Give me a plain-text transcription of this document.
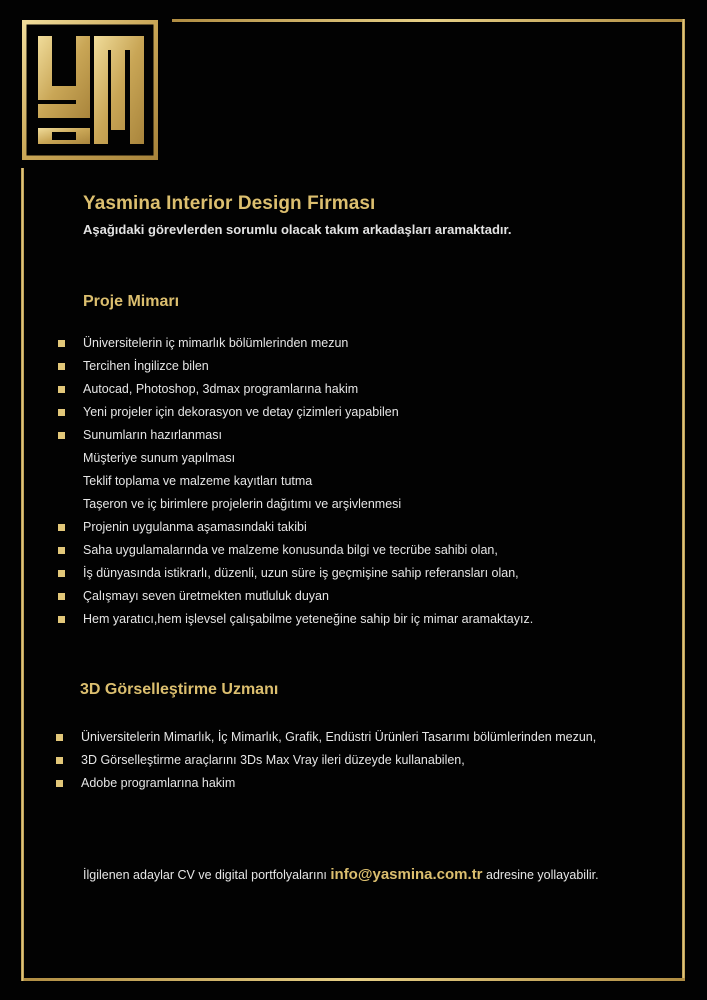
Yasmina Interior Design Firması
Aşağıdaki görevlerden sorumlu olacak takım arkadaşları aramaktadır.
Proje Mimarı
Üniversitelerin iç mimarlık bölümlerinden mezun
Tercihen İngilizce bilen
Autocad, Photoshop, 3dmax programlarına hakim
Yeni projeler için dekorasyon ve detay çizimleri yapabilen
Sunumların hazırlanması
Müşteriye sunum yapılması
Teklif toplama ve malzeme kayıtları tutma
Taşeron ve iç birimlere projelerin dağıtımı ve arşivlenmesi
Projenin uygulanma aşamasındaki takibi
Saha uygulamalarında ve malzeme konusunda bilgi ve tecrübe sahibi olan,
İş dünyasında istikrarlı, düzenli, uzun süre iş geçmişine sahip referansları olan,
Çalışmayı seven üretmekten mutluluk duyan
Hem yaratıcı,hem işlevsel çalışabilme yeteneğine sahip bir iç mimar aramaktayız.
3D Görselleştirme Uzmanı
Üniversitelerin Mimarlık, İç Mimarlık, Grafik, Endüstri Ürünleri Tasarımı bölümlerinden mezun,
3D Görselleştirme araçlarını 3Ds Max Vray ileri düzeyde kullanabilen,
Adobe programlarına hakim
İlgilenen adaylar CV ve digital portfolyalarını info@yasmina.com.tr adresine yollayabilir.
